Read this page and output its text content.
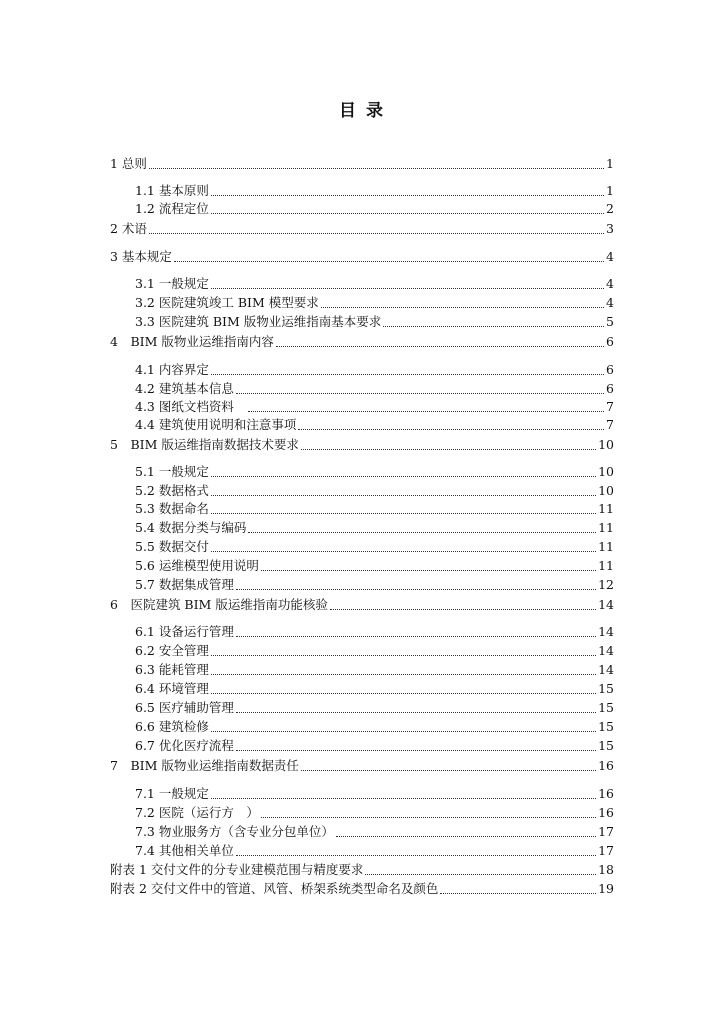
目 录
1 总则	1
1.1 基本原则	1
1.2 流程定位	2
2 术语	3
3 基本规定	4
3.1 一般规定	4
3.2 医院建筑竣工 BIM 模型要求	4
3.3 医院建筑 BIM 版物业运维指南基本要求	5
4　BIM 版物业运维指南内容	6
4.1 内容界定	6
4.2 建筑基本信息	6
4.3 图纸文档资料　	7
4.4 建筑使用说明和注意事项	7
5　BIM 版运维指南数据技术要求	10
5.1 一般规定	10
5.2 数据格式	10
5.3 数据命名	11
5.4 数据分类与编码	11
5.5 数据交付	11
5.6 运维模型使用说明	11
5.7 数据集成管理	12
6　医院建筑 BIM 版运维指南功能核验	14
6.1 设备运行管理	14
6.2 安全管理	14
6.3 能耗管理	14
6.4 环境管理	15
6.5 医疗辅助管理	15
6.6 建筑检修	15
6.7 优化医疗流程	15
7　BIM 版物业运维指南数据责任	16
7.1 一般规定	16
7.2 医院（运行方　）	16
7.3 物业服务方（含专业分包单位）	17
7.4 其他相关单位	17
附表 1 交付文件的分专业建模范围与精度要求	18
附表 2 交付文件中的管道、风管、桥架系统类型命名及颜色	19
